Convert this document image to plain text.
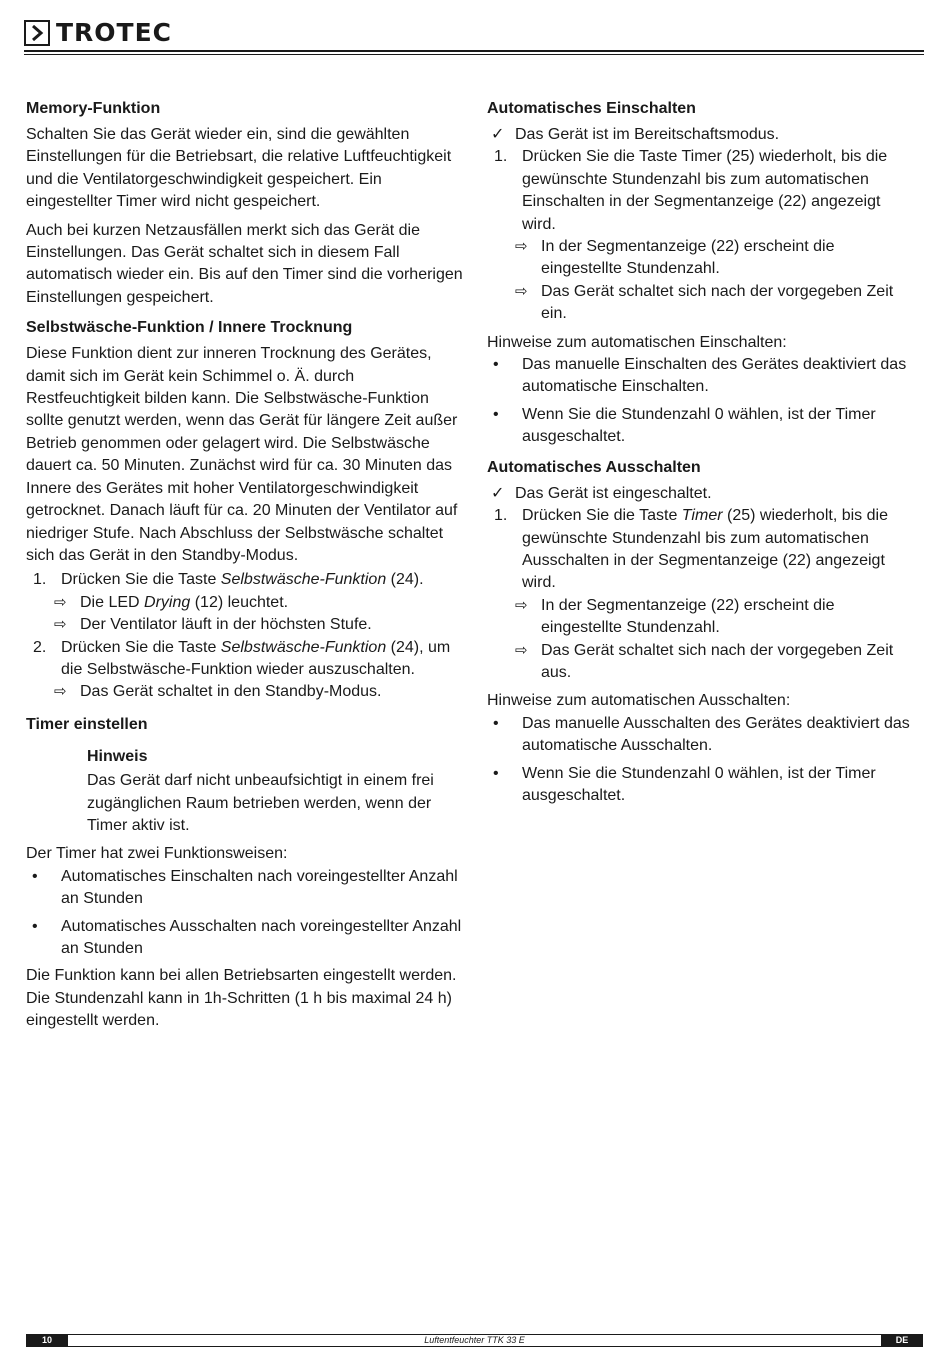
TROTEC
Memory-Funktion

Schalten Sie das Gerät wieder ein, sind die gewählten Einstellungen für die Betriebsart, die relative Luftfeuchtigkeit und die Ventilatorgeschwindigkeit gespeichert. Ein eingestellter Timer wird nicht gespeichert.

Auch bei kurzen Netzausfällen merkt sich das Gerät die Einstellungen. Das Gerät schaltet sich in diesem Fall automatisch wieder ein. Bis auf den Timer sind die vorherigen Einstellungen gespeichert.

Selbstwäsche-Funktion / Innere Trocknung

Diese Funktion dient zur inneren Trocknung des Gerätes, damit sich im Gerät kein Schimmel o. Ä. durch Restfeuchtigkeit bilden kann. Die Selbstwäsche-Funktion sollte genutzt werden, wenn das Gerät für längere Zeit außer Betrieb genommen oder gelagert wird. Die Selbstwäsche dauert ca. 50 Minuten. Zunächst wird für ca. 30 Minuten das Innere des Gerätes mit hoher Ventilatorgeschwindigkeit getrocknet. Danach läuft für ca. 20 Minuten der Ventilator auf niedriger Stufe. Nach Abschluss der Selbstwäsche schaltet sich das Gerät in den Standby-Modus.

1. Drücken Sie die Taste Selbstwäsche-Funktion (24).
⇨ Die LED Drying (12) leuchtet.
⇨ Der Ventilator läuft in der höchsten Stufe.
2. Drücken Sie die Taste Selbstwäsche-Funktion (24), um die Selbstwäsche-Funktion wieder auszuschalten.
⇨ Das Gerät schaltet in den Standby-Modus.
Timer einstellen
Hinweis

Das Gerät darf nicht unbeaufsichtigt in einem frei zugänglichen Raum betrieben werden, wenn der Timer aktiv ist.

Der Timer hat zwei Funktionsweisen:

•	Automatisches Einschalten nach voreingestellter Anzahl an Stunden
•	Automatisches Ausschalten nach voreingestellter Anzahl an Stunden

Die Funktion kann bei allen Betriebsarten eingestellt werden. Die Stundenzahl kann in 1h-Schritten (1 h bis maximal 24 h) eingestellt werden.

Automatisches Einschalten
✓ Das Gerät ist im Bereitschaftsmodus.
1. Drücken Sie die Taste Timer (25) wiederholt, bis die gewünschte Stundenzahl bis zum automatischen Einschalten in der Segmentanzeige (22) angezeigt wird.
⇨ In der Segmentanzeige (22) erscheint die eingestellte Stundenzahl.
⇨ Das Gerät schaltet sich nach der vorgegeben Zeit ein.

Hinweise zum automatischen Einschalten:

•	Das manuelle Einschalten des Gerätes deaktiviert das automatische Einschalten.
•	Wenn Sie die Stundenzahl 0 wählen, ist der Timer ausgeschaltet.
Automatisches Ausschalten
✓ Das Gerät ist eingeschaltet.
1. Drücken Sie die Taste Timer (25) wiederholt, bis die gewünschte Stundenzahl bis zum automatischen Ausschalten in der Segmentanzeige (22) angezeigt wird.
⇨ In der Segmentanzeige (22) erscheint die eingestellte Stundenzahl.
⇨ Das Gerät schaltet sich nach der vorgegeben Zeit aus.

Hinweise zum automatischen Ausschalten:

•	Das manuelle Ausschalten des Gerätes deaktiviert das automatische Ausschalten.
•	Wenn Sie die Stundenzahl 0 wählen, ist der Timer ausgeschaltet.
10	Luftentfeuchter TTK 33 E	DE
